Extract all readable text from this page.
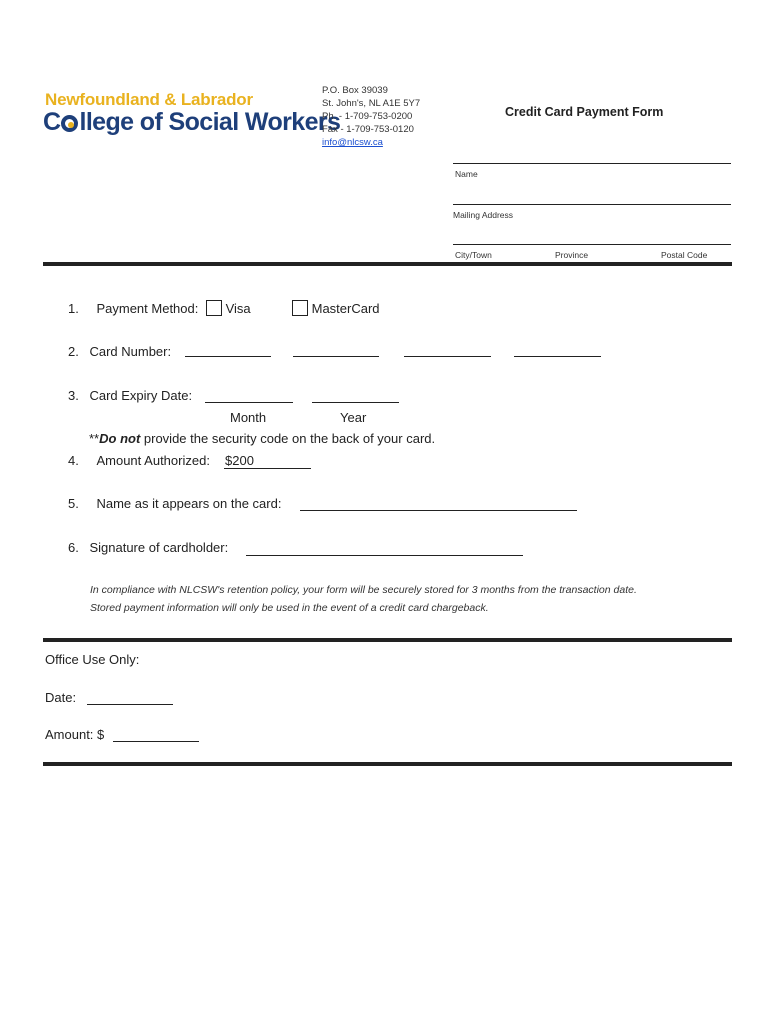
Newfoundland & Labrador
C llege of Social Workers
P.O. Box 39039
St. John's, NL A1E 5Y7
Ph. - 1-709-753-0200
Fax - 1-709-753-0120
info@nlcsw.ca
Credit Card Payment Form
Name
Mailing Address
City/Town	Province	Postal Code
1. Payment Method: Visa	MasterCard
2. Card Number:
3. Card Expiry Date:
Month	Year
**Do not provide the security code on the back of your card.
4. Amount Authorized: $200
5. Name as it appears on the card:
6. Signature of cardholder:
In compliance with NLCSW's retention policy, your form will be securely stored for 3 months from the transaction date.
Stored payment information will only be used in the event of a credit card chargeback.
Office Use Only:
Date:
Amount: $
